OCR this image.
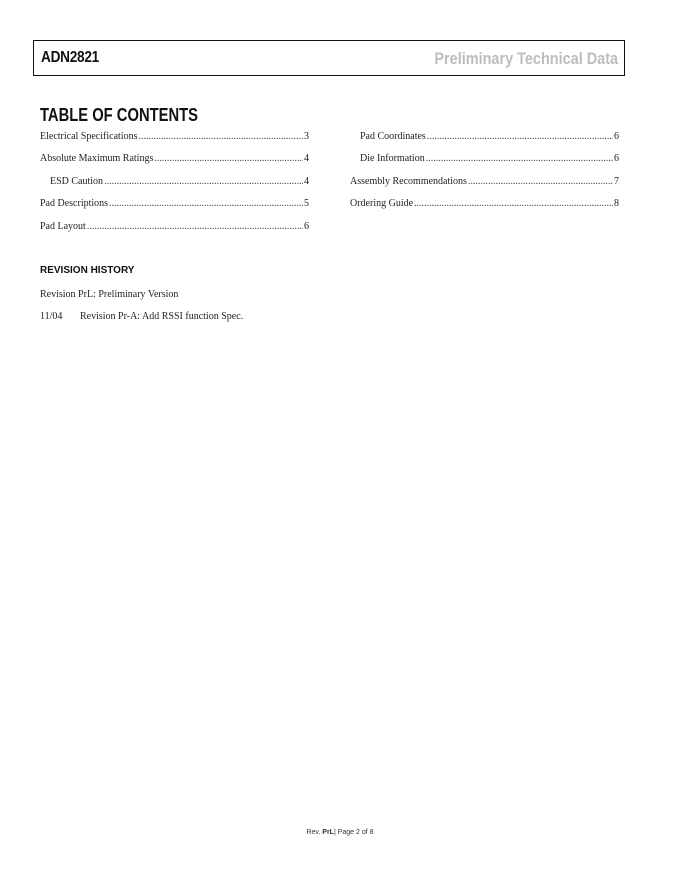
ADN2821	Preliminary Technical Data
TABLE OF CONTENTS
Electrical Specifications .....	3
Absolute Maximum Ratings .....	4
ESD Caution .....	4
Pad Descriptions .....	5
Pad Layout .....	6
Pad Coordinates .....	6
Die Information .....	6
Assembly Recommendations .....	7
Ordering Guide .....	8
REVISION HISTORY
Revision PrL: Preliminary Version
11/04 Revision Pr-A: Add RSSI function Spec.
Rev. PrL| Page 2 of 8
